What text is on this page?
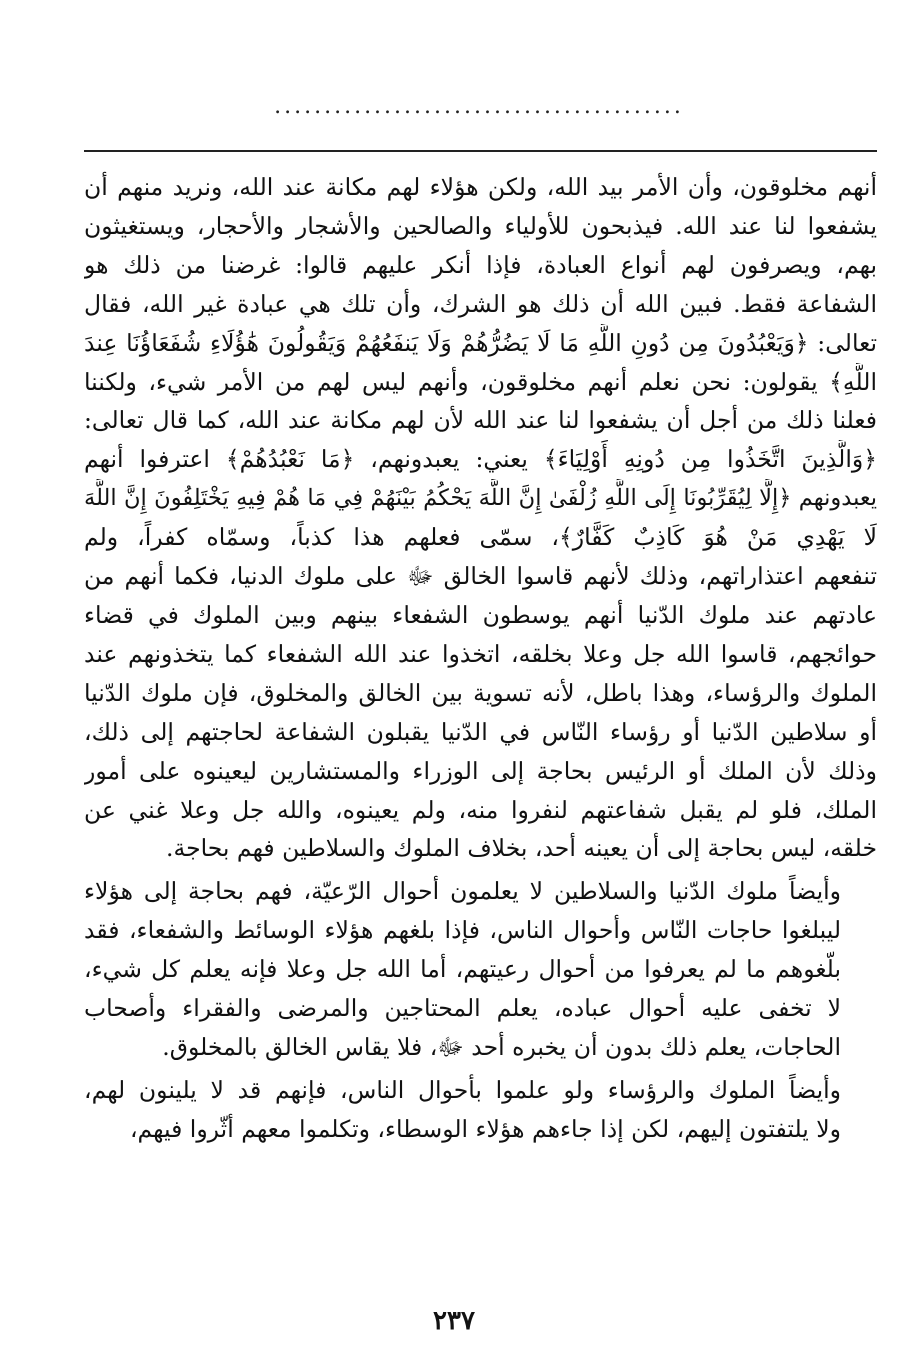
.........................................

أنهم مخلوقون، وأن الأمر بيد الله، ولكن هؤلاء لهم مكانة عند الله، ونريد منهم أن
يشفعوا لنا عند الله. فيذبحون للأولياء والصالحين والأشجار والأحجار، ويستغيثون
بهم، ويصرفون لهم أنواع العبادة، فإذا أنكر عليهم قالوا: غرضنا من ذلك هو
الشفاعة فقط. فبين الله أن ذلك هو الشرك، وأن تلك هي عبادة غير الله، فقال
تعالى: ﴿وَيَعْبُدُونَ مِن دُونِ اللَّهِ مَا لَا يَضُرُّهُمْ وَلَا يَنفَعُهُمْ وَيَقُولُونَ هَٰؤُلَاءِ شُفَعَاؤُنَا عِندَ
اللَّهِ﴾ يقولون: نحن نعلم أنهم مخلوقون، وأنهم ليس لهم من الأمر شيء، ولكننا
فعلنا ذلك من أجل أن يشفعوا لنا عند الله لأن لهم مكانة عند الله، كما قال تعالى:
﴿وَالَّذِينَ اتَّخَذُوا مِن دُونِهِ أَوْلِيَاءَ﴾ يعني: يعبدونهم، ﴿مَا نَعْبُدُهُمْ﴾ اعترفوا أنهم
يعبدونهم ﴿إِلَّا لِيُقَرِّبُونَا إِلَى اللَّهِ زُلْفَىٰ إِنَّ اللَّهَ يَحْكُمُ بَيْنَهُمْ فِي مَا هُمْ فِيهِ يَخْتَلِفُونَ إِنَّ اللَّهَ
لَا يَهْدِي مَنْ هُوَ كَاذِبٌ كَفَّارٌ﴾، سمّى فعلهم هذا كذباً، وسمّاه كفراً، ولم
تنفعهم اعتذاراتهم، وذلك لأنهم قاسوا الخالق ﷻ على ملوك الدنيا، فكما أنهم من
عادتهم عند ملوك الدّنيا أنهم يوسطون الشفعاء بينهم وبين الملوك في قضاء
حوائجهم، قاسوا الله جل وعلا بخلقه، اتخذوا عند الله الشفعاء كما يتخذونهم عند
الملوك والرؤساء، وهذا باطل، لأنه تسوية بين الخالق والمخلوق، فإن ملوك الدّنيا
أو سلاطين الدّنيا أو رؤساء النّاس في الدّنيا يقبلون الشفاعة لحاجتهم إلى ذلك،
وذلك لأن الملك أو الرئيس بحاجة إلى الوزراء والمستشارين ليعينوه على أمور
الملك، فلو لم يقبل شفاعتهم لنفروا منه، ولم يعينوه، والله جل وعلا غني عن
خلقه، ليس بحاجة إلى أن يعينه أحد، بخلاف الملوك والسلاطين فهم بحاجة.

وأيضاً ملوك الدّنيا والسلاطين لا يعلمون أحوال الرّعيّة، فهم بحاجة إلى هؤلاء
ليبلغوا حاجات النّاس وأحوال الناس، فإذا بلغهم هؤلاء الوسائط والشفعاء، فقد
بلّغوهم ما لم يعرفوا من أحوال رعيتهم، أما الله جل وعلا فإنه يعلم كل شيء،
لا تخفى عليه أحوال عباده، يعلم المحتاجين والمرضى والفقراء وأصحاب
الحاجات، يعلم ذلك بدون أن يخبره أحد ﷻ، فلا يقاس الخالق بالمخلوق.

وأيضاً الملوك والرؤساء ولو علموا بأحوال الناس، فإنهم قد لا يلينون لهم،
ولا يلتفتون إليهم، لكن إذا جاءهم هؤلاء الوسطاء، وتكلموا معهم أثّروا فيهم،

٢٣٧
